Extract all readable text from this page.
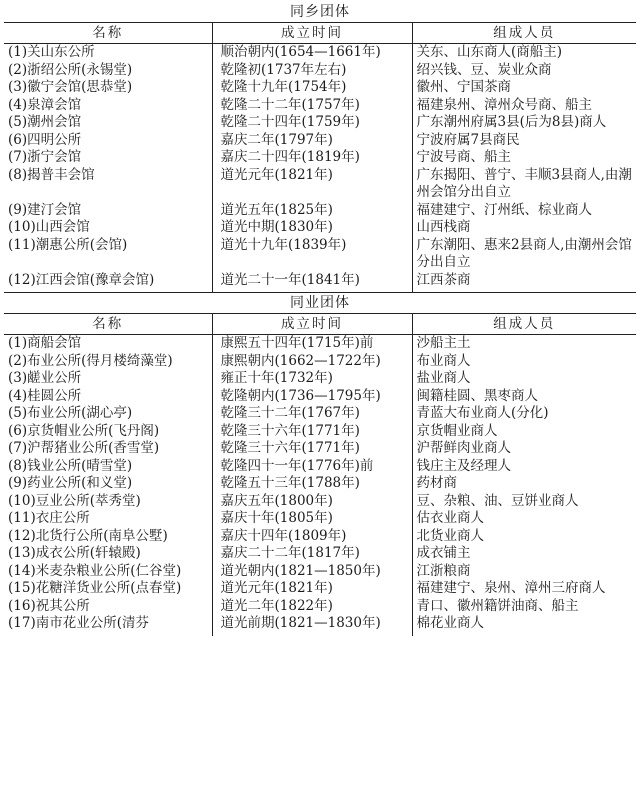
同乡团体
名称	成立时间	组成人员
(1)关山东公所	顺治朝内(1654—1661年)	关东、山东商人(商船主)
(2)浙绍公所(永锡堂)	乾隆初(1737年左右)	绍兴钱、豆、炭业众商
(3)徽宁会馆(思恭堂)	乾隆十九年(1754年)	徽州、宁国茶商
(4)泉漳会馆	乾隆二十二年(1757年)	福建泉州、漳州众号商、船主
(5)潮州会馆	乾隆二十四年(1759年)	广东潮州府属3县(后为8县)商人
(6)四明公所	嘉庆二年(1797年)	宁波府属7县商民
(7)浙宁会馆	嘉庆二十四年(1819年)	宁波号商、船主
(8)揭普丰会馆	道光元年(1821年)	广东揭阳、普宁、丰顺3县商人,由潮州会馆分出自立
(9)建汀会馆	道光五年(1825年)	福建建宁、汀州纸、棕业商人
(10)山西会馆	道光中期(1830年)	山西栈商
(11)潮惠公所(会馆)	道光十九年(1839年)	广东潮阳、惠来2县商人,由潮州会馆分出自立
(12)江西会馆(豫章会馆)	道光二十一年(1841年)	江西茶商
同业团体
名称	成立时间	组成人员
(1)商船会馆	康熙五十四年(1715年)前	沙船主土
(2)布业公所(得月楼绮藻堂)	康熙朝内(1662—1722年)	布业商人
(3)鹾业公所	雍正十年(1732年)	盐业商人
(4)桂圆公所	乾隆朝内(1736—1795年)	闽籍桂圆、黑枣商人
(5)布业公所(湖心亭)	乾隆三十二年(1767年)	青蓝大布业商人(分化)
(6)京货帽业公所(飞丹阁)	乾隆三十六年(1771年)	京货帽业商人
(7)沪帮猪业公所(香雪堂)	乾隆三十六年(1771年)	沪帮鲜肉业商人
(8)钱业公所(晴雪堂)	乾隆四十一年(1776年)前	钱庄主及经理人
(9)药业公所(和义堂)	乾隆五十三年(1788年)	药材商
(10)豆业公所(萃秀堂)	嘉庆五年(1800年)	豆、杂粮、油、豆饼业商人
(11)衣庄公所	嘉庆十年(1805年)	估衣业商人
(12)北货行公所(南阜公墅)	嘉庆十四年(1809年)	北货业商人
(13)成衣公所(轩辕殿)	嘉庆二十二年(1817年)	成衣铺主
(14)米麦杂粮业公所(仁谷堂)	道光朝内(1821—1850年)	江浙粮商
(15)花糖洋货业公所(点春堂)	道光元年(1821年)	福建建宁、泉州、漳州三府商人
(16)祝其公所	道光二年(1822年)	青口、徽州籍饼油商、船主
(17)南市花业公所(清芬	道光前期(1821—1830年)	棉花业商人
